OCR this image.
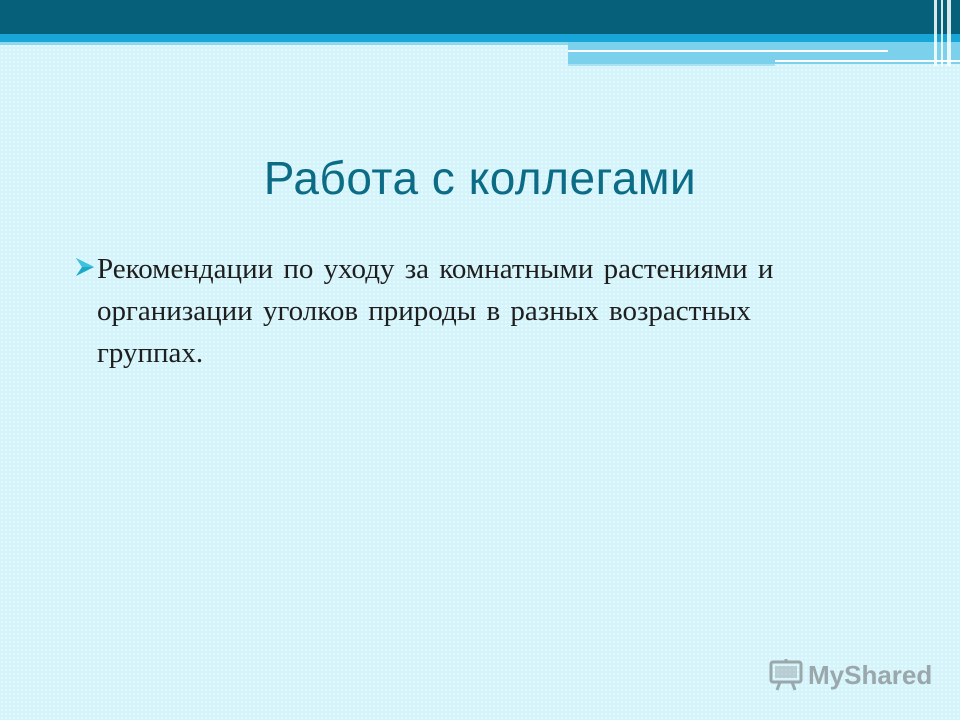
Работа с коллегами
Рекомендации по уходу за комнатными растениями и организации уголков природы в разных возрастных группах.
MyShared
